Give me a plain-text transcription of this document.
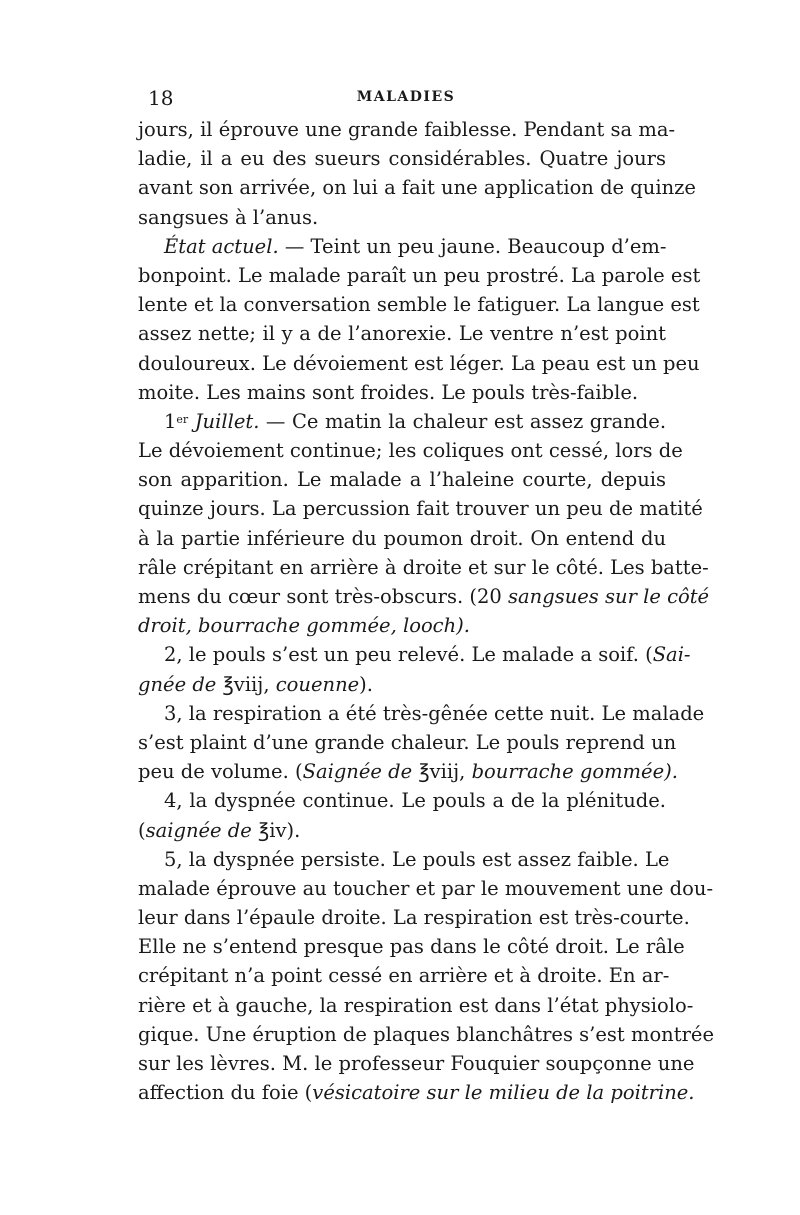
18	MALADIES
jours, il éprouve une grande faiblesse. Pendant sa ma-
ladie, il a eu des sueurs considérables. Quatre jours
avant son arrivée, on lui a fait une application de quinze
sangsues à l’anus.
État actuel. — Teint un peu jaune. Beaucoup d’em-
bonpoint. Le malade paraît un peu prostré. La parole est
lente et la conversation semble le fatiguer. La langue est
assez nette; il y a de l’anorexie. Le ventre n’est point
douloureux. Le dévoiement est léger. La peau est un peu
moite. Les mains sont froides. Le pouls très-faible.
1er Juillet. — Ce matin la chaleur est assez grande.
Le dévoiement continue; les coliques ont cessé, lors de
son apparition. Le malade a l’haleine courte, depuis
quinze jours. La percussion fait trouver un peu de matité
à la partie inférieure du poumon droit. On entend du
râle crépitant en arrière à droite et sur le côté. Les batte-
mens du cœur sont très-obscurs. (20 sangsues sur le côté
droit, bourrache gommée, looch).
2, le pouls s’est un peu relevé. Le malade a soif. (Sai-
gnée de ℥viij, couenne).
3, la respiration a été très-gênée cette nuit. Le malade
s’est plaint d’une grande chaleur. Le pouls reprend un
peu de volume. (Saignée de ℥viij, bourrache gommée).
4, la dyspnée continue. Le pouls a de la plénitude.
(saignée de ℥iv).
5, la dyspnée persiste. Le pouls est assez faible. Le
malade éprouve au toucher et par le mouvement une dou-
leur dans l’épaule droite. La respiration est très-courte.
Elle ne s’entend presque pas dans le côté droit. Le râle
crépitant n’a point cessé en arrière et à droite. En ar-
rière et à gauche, la respiration est dans l’état physiolo-
gique. Une éruption de plaques blanchâtres s’est montrée
sur les lèvres. M. le professeur Fouquier soupçonne une
affection du foie (vésicatoire sur le milieu de la poitrine.
